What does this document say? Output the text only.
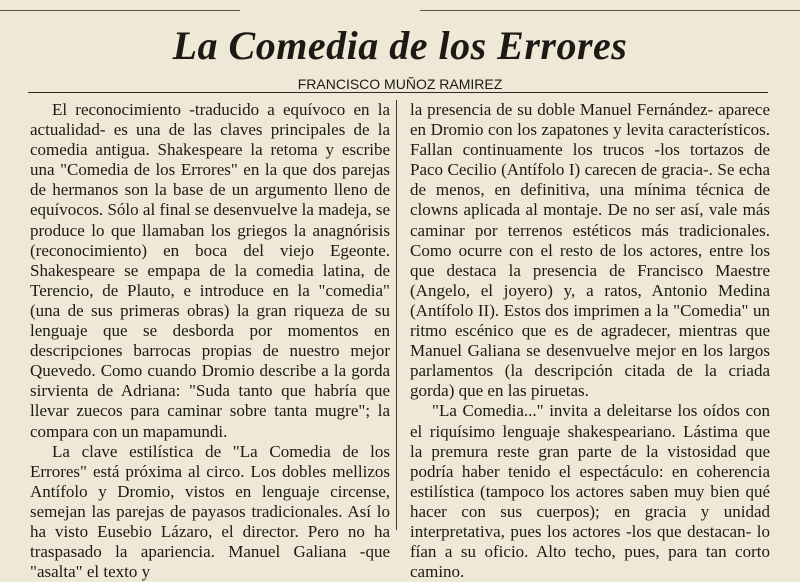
La Comedia de los Errores
FRANCISCO MUÑOZ RAMIREZ

El reconocimiento -traducido a equívoco en la actualidad- es una de las claves principales de la comedia antigua. Shakespeare la retoma y escribe una "Comedia de los Errores" en la que dos parejas de hermanos son la base de un argumento lleno de equívocos. Sólo al final se desenvuelve la madeja, se produce lo que llamaban los griegos la anagnórisis (reconocimiento) en boca del viejo Egeonte. Shakespeare se empapa de la comedia latina, de Terencio, de Plauto, e introduce en la "comedia" (una de sus primeras obras) la gran riqueza de su lenguaje que se desborda por momentos en descripciones barrocas propias de nuestro mejor Quevedo. Como cuando Dromio describe a la gorda sirvienta de Adriana: "Suda tanto que habría que llevar zuecos para caminar sobre tanta mugre"; la compara con un mapamundi.

La clave estilística de "La Comedia de los Errores" está próxima al circo. Los dobles mellizos Antífolo y Dromio, vistos en lenguaje circense, semejan las parejas de payasos tradicionales. Así lo ha visto Eusebio Lázaro, el director. Pero no ha traspasado la apariencia. Manuel Galiana -que "asalta" el texto y

la presencia de su doble Manuel Fernández- aparece en Dromio con los zapatones y levita característicos. Fallan continuamente los trucos -los tortazos de Paco Cecilio (Antífolo I) carecen de gracia-. Se echa de menos, en definitiva, una mínima técnica de clowns aplicada al montaje. De no ser así, vale más caminar por terrenos estéticos más tradicionales. Como ocurre con el resto de los actores, entre los que destaca la presencia de Francisco Maestre (Angelo, el joyero) y, a ratos, Antonio Medina (Antífolo II). Estos dos imprimen a la "Comedia" un ritmo escénico que es de agradecer, mientras que Manuel Galiana se desenvuelve mejor en los largos parlamentos (la descripción citada de la criada gorda) que en las piruetas.

"La Comedia..." invita a deleitarse los oídos con el riquísimo lenguaje shakespeariano. Lástima que la premura reste gran parte de la vistosidad que podría haber tenido el espectáculo: en coherencia estilística (tampoco los actores saben muy bien qué hacer con sus cuerpos); en gracia y unidad interpretativa, pues los actores -los que destacan- lo fían a su oficio. Alto techo, pues, para tan corto camino.
